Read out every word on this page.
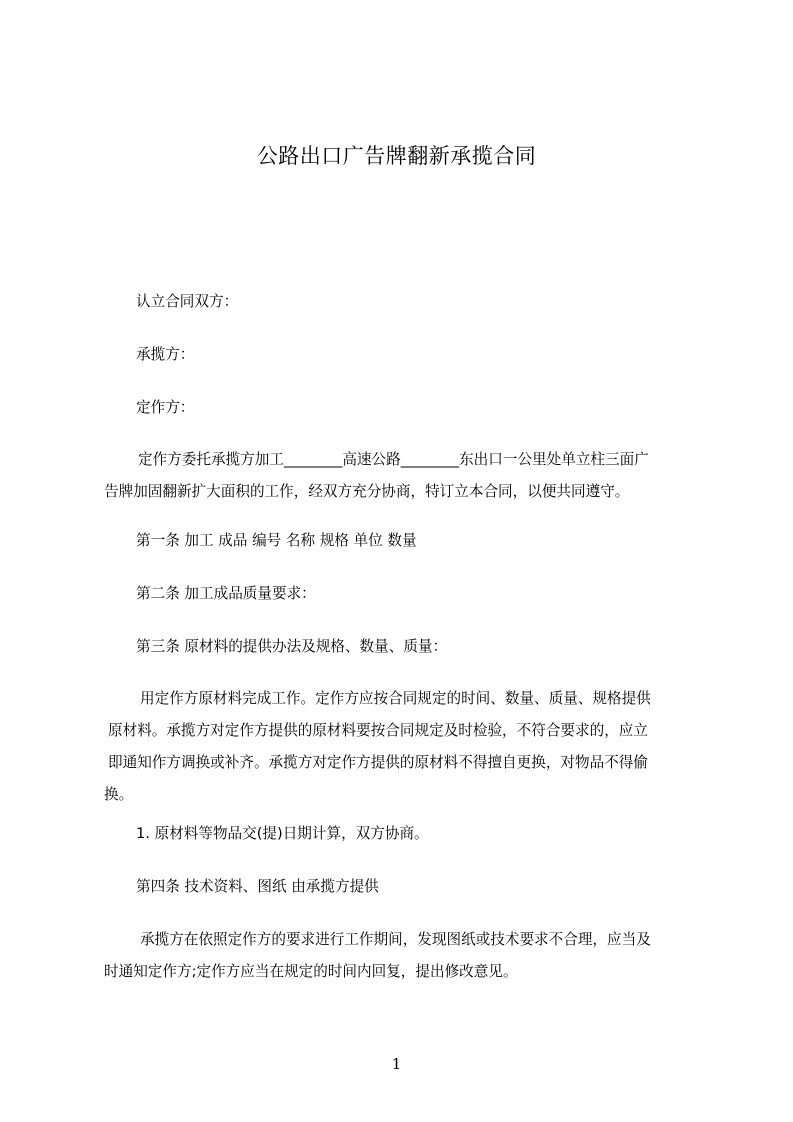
公路出口广告牌翻新承揽合同
认立合同双方：
承揽方：
定作方：
定作方委托承揽方加工________高速公路________东出口一公里处单立柱三面广
告牌加固翻新扩大面积的工作，经双方充分协商，特订立本合同，以便共同遵守。
第一条 加工 成品 编号 名称 规格 单位 数量
第二条 加工成品质量要求：
第三条 原材料的提供办法及规格、数量、质量：
用定作方原材料完成工作。定作方应按合同规定的时间、数量、质量、规格提供
原材料。承揽方对定作方提供的原材料要按合同规定及时检验，不符合要求的，应立
即通知作方调换或补齐。承揽方对定作方提供的原材料不得擅自更换，对物品不得偷
换。
1. 原材料等物品交(提)日期计算，双方协商。
第四条 技术资料、图纸 由承揽方提供
承揽方在依照定作方的要求进行工作期间，发现图纸或技术要求不合理，应当及
时通知定作方;定作方应当在规定的时间内回复，提出修改意见。
1
